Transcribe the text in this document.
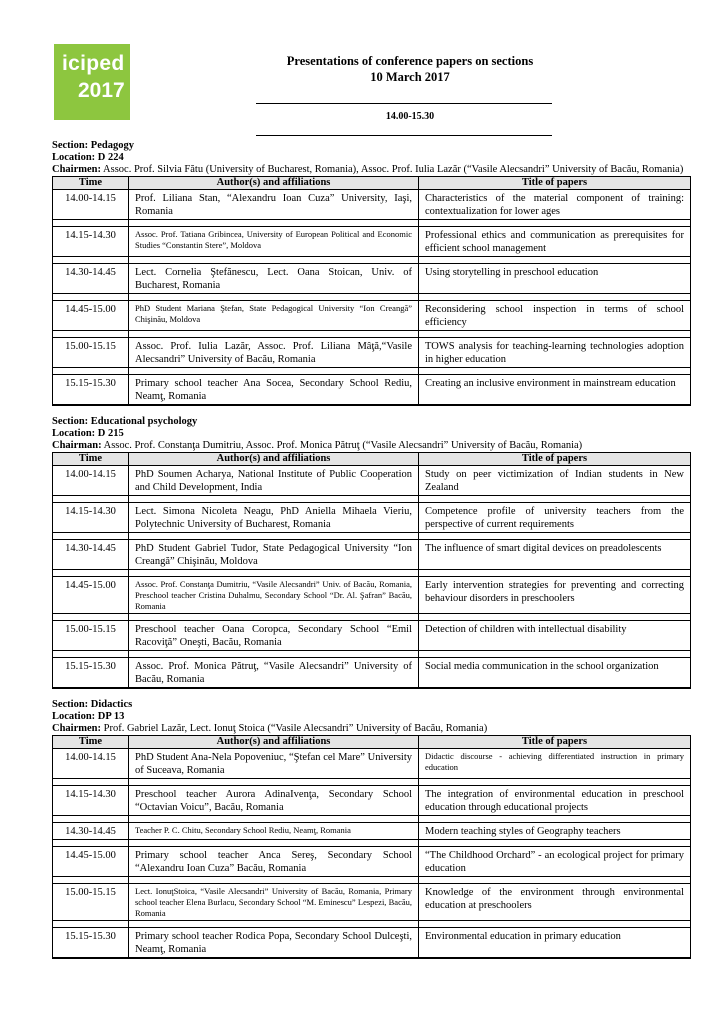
iciped
2017
Presentations of conference papers on sections
10 March 2017
14.00-15.30
Section: Pedagogy
Location: D 224
Chairmen: Assoc. Prof. Silvia Fătu (University of Bucharest, Romania), Assoc. Prof. Iulia Lazăr (“Vasile Alecsandri” University of Bacău, Romania)
Time	Author(s) and affiliations	Title of papers
14.00-14.15	Prof. Liliana Stan, “Alexandru Ioan Cuza” University, Iaşi, Romania	Characteristics of the material component of training: contextualization for lower ages

14.15-14.30	Assoc. Prof. Tatiana Gribincea, University of European Political and Economic Studies “Constantin Stere”, Moldova	Professional ethics and communication as prerequisites for efficient school management

14.30-14.45	Lect. Cornelia Ştefănescu, Lect. Oana Stoican, Univ. of Bucharest, Romania	Using storytelling in preschool education

14.45-15.00	PhD Student Mariana Ştefan, State Pedagogical University “Ion Creangă” Chişinău, Moldova	Reconsidering school inspection in terms of school efficiency

15.00-15.15	Assoc. Prof. Iulia Lazăr, Assoc. Prof. Liliana Mâţă,“Vasile Alecsandri” University of Bacău, Romania	TOWS analysis for teaching-learning technologies adoption in higher education

15.15-15.30	Primary school teacher Ana Socea, Secondary School Rediu, Neamţ, Romania	Creating an inclusive environment in mainstream education

Section: Educational psychology
Location: D 215
Chairman: Assoc. Prof. Constanţa Dumitriu, Assoc. Prof. Monica Pătruţ (“Vasile Alecsandri” University of Bacău, Romania)
Time	Author(s) and affiliations	Title of papers
14.00-14.15	PhD Soumen Acharya, National Institute of Public Cooperation and Child Development, India	Study on peer victimization of Indian students in New Zealand

14.15-14.30	Lect. Simona Nicoleta Neagu, PhD Aniella Mihaela Vieriu, Polytechnic University of Bucharest, Romania	Competence profile of university teachers from the perspective of current requirements

14.30-14.45	PhD Student Gabriel Tudor, State Pedagogical University “Ion Creangă” Chişinău, Moldova	The influence of smart digital devices on preadolescents

14.45-15.00	Assoc. Prof. Constanţa Dumitriu, “Vasile Alecsandri” Univ. of Bacău, Romania, Preschool teacher Cristina Duhalmu, Secondary School “Dr. Al. Şafran” Bacău, Romania	Early intervention strategies for preventing and correcting behaviour disorders in preschoolers

15.00-15.15	Preschool teacher Oana Coropca, Secondary School “Emil Racoviţă” Oneşti, Bacău, Romania	Detection of children with intellectual disability

15.15-15.30	Assoc. Prof. Monica Pătruţ, “Vasile Alecsandri” University of Bacău, Romania	Social media communication in the school organization

Section: Didactics
Location: DP 13
Chairmen: Prof. Gabriel Lazăr, Lect. Ionuţ Stoica (“Vasile Alecsandri” University of Bacău, Romania)
Time	Author(s) and affiliations	Title of papers
14.00-14.15	PhD Student Ana-Nela Popoveniuc, “Ştefan cel Mare” University of Suceava, Romania	Didactic discourse - achieving differentiated instruction in primary education

14.15-14.30	Preschool teacher Aurora AdinaIvenţa, Secondary School “Octavian Voicu”, Bacău, Romania	The integration of environmental education in preschool education through educational projects

14.30-14.45	Teacher P. C. Chitu, Secondary School Rediu, Neamţ, Romania	Modern teaching styles of Geography teachers

14.45-15.00	Primary school teacher Anca Sereş, Secondary School “Alexandru Ioan Cuza” Bacău, Romania	“The Childhood Orchard” - an ecological project for primary education

15.00-15.15	Lect. IonuţStoica, “Vasile Alecsandri” University of Bacău, Romania, Primary school teacher Elena Burlacu, Secondary School “M. Eminescu” Lespezi, Bacău, Romania	Knowledge of the environment through environmental education at preschoolers

15.15-15.30	Primary school teacher Rodica Popa, Secondary School Dulceşti, Neamţ, Romania	Environmental education in primary education
